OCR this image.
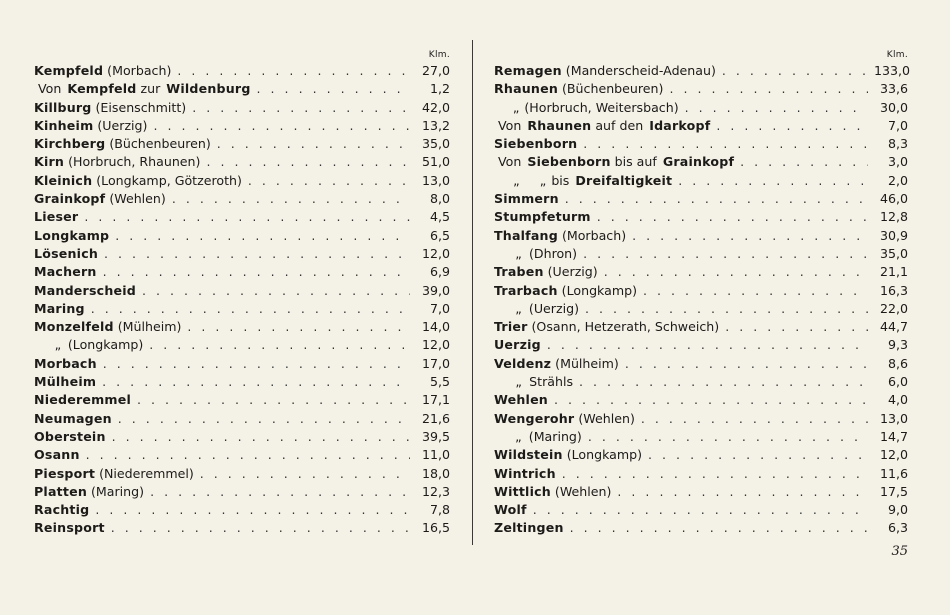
Klm.
Kempfeld (Morbach) . . .	27,0
Von Kempfeld zur Wildenburg . . .	1,2
Killburg (Eisenschmitt) . . .	42,0
Kinheim (Uerzig) . . .	13,2
Kirchberg (Büchenbeuren) . . .	35,0
Kirn (Horbruch, Rhaunen) . . .	51,0
Kleinich (Longkamp, Götzeroth) . . .	13,0
Grainkopf (Wehlen) . . .	8,0
Lieser . . .	4,5
Longkamp . . .	6,5
Lösenich . . .	12,0
Machern . . .	6,9
Manderscheid . . .	39,0
Maring . . .	7,0
Monzelfeld (Mülheim) . . .	14,0
„ (Longkamp) . . .	12,0
Morbach . . .	17,0
Mülheim . . .	5,5
Niederemmel . . .	17,1
Neumagen . . .	21,6
Oberstein . . .	39,5
Osann . . .	11,0
Piesport (Niederemmel) . . .	18,0
Platten (Maring) . . .	12,3
Rachtig . . .	7,8
Reinsport . . .	16,5
Klm.
Remagen (Manderscheid-Adenau) . . .	133,0
Rhaunen (Büchenbeuren) . . .	33,6
„ (Horbruch, Weitersbach) . . .	30,0
Von Rhaunen auf den Idarkopf . . .	7,0
Siebenborn . . .	8,3
Von Siebenborn bis auf Grainkopf . . .	3,0
„	„ bis Dreifaltigkeit . . .	2,0
Simmern . . .	46,0
Stumpfeturm . . .	12,8
Thalfang (Morbach) . . .	30,9
„ (Dhron) . . .	35,0
Traben (Uerzig) . . .	21,1
Trarbach (Longkamp) . . .	16,3
„ (Uerzig) . . .	22,0
Trier (Osann, Hetzerath, Schweich) . . .	44,7
Uerzig . . .	9,3
Veldenz (Mülheim) . . .	8,6
„ Strähls . . .	6,0
Wehlen . . .	4,0
Wengerohr (Wehlen) . . .	13,0
„ (Maring) . . .	14,7
Wildstein (Longkamp) . . .	12,0
Wintrich . . .	11,6
Wittlich (Wehlen) . . .	17,5
Wolf . . .	9,0
Zeltingen . . .	6,3
35
